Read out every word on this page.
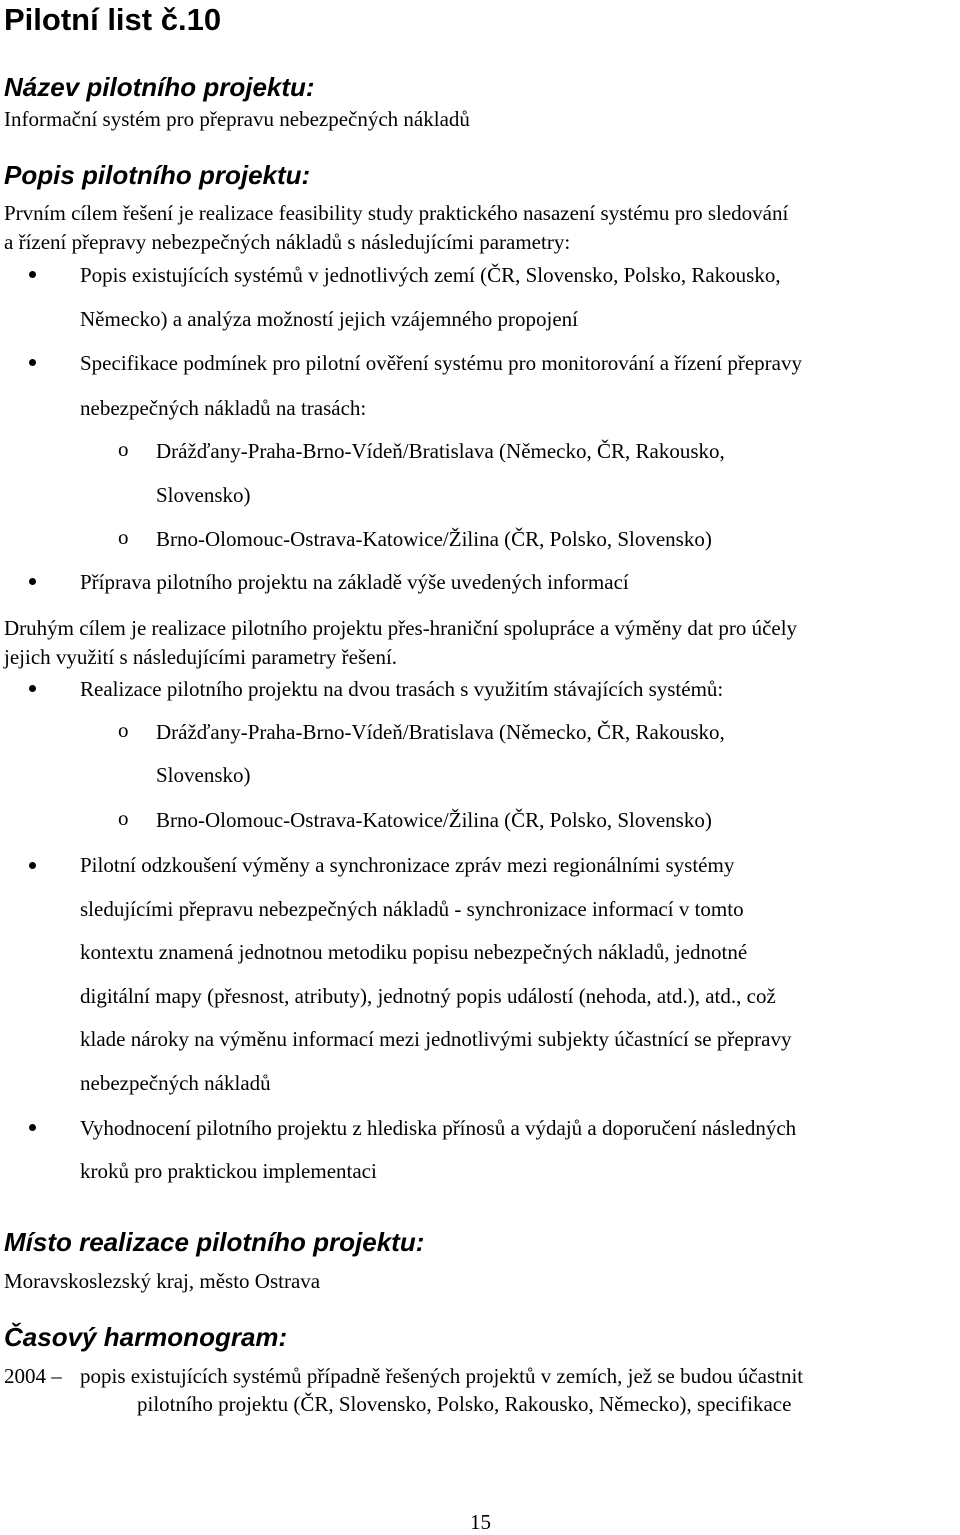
Pilotní list č.10
Název pilotního projektu:
Informační systém pro přepravu nebezpečných nákladů
Popis pilotního projektu:
Prvním cílem řešení je realizace feasibility study praktického nasazení systému pro sledování
a řízení přepravy nebezpečných nákladů s následujícími parametry:
Popis existujících systémů v jednotlivých zemí (ČR, Slovensko, Polsko, Rakousko,
Německo) a analýza možností jejich vzájemného propojení
Specifikace podmínek pro pilotní ověření systému pro monitorování a řízení přepravy
nebezpečných nákladů na trasách:
o Drážďany-Praha-Brno-Vídeň/Bratislava (Německo, ČR, Rakousko,
Slovensko)
o Brno-Olomouc-Ostrava-Katowice/Žilina (ČR, Polsko, Slovensko)
Příprava pilotního projektu na základě výše uvedených informací
Druhým cílem je realizace pilotního projektu přes-hraniční spolupráce a výměny dat pro účely
jejich využití s následujícími parametry řešení.
Realizace pilotního projektu na dvou trasách s využitím stávajících systémů:
o Drážďany-Praha-Brno-Vídeň/Bratislava (Německo, ČR, Rakousko,
Slovensko)
o Brno-Olomouc-Ostrava-Katowice/Žilina (ČR, Polsko, Slovensko)
Pilotní odzkoušení výměny a synchronizace zpráv mezi regionálními systémy
sledujícími přepravu nebezpečných nákladů - synchronizace informací v tomto
kontextu znamená jednotnou metodiku popisu nebezpečných nákladů, jednotné
digitální mapy (přesnost, atributy), jednotný popis událostí (nehoda, atd.), atd., což
klade nároky na výměnu informací mezi jednotlivými subjekty účastnící se přepravy
nebezpečných nákladů
Vyhodnocení pilotního projektu z hlediska přínosů a výdajů a doporučení následných
kroků pro praktickou implementaci
Místo realizace pilotního projektu:
Moravskoslezský kraj, město Ostrava
Časový harmonogram:
2004 – popis existujících systémů případně řešených projektů v zemích, jež se budou účastnit
pilotního projektu (ČR, Slovensko, Polsko, Rakousko, Německo), specifikace
15
